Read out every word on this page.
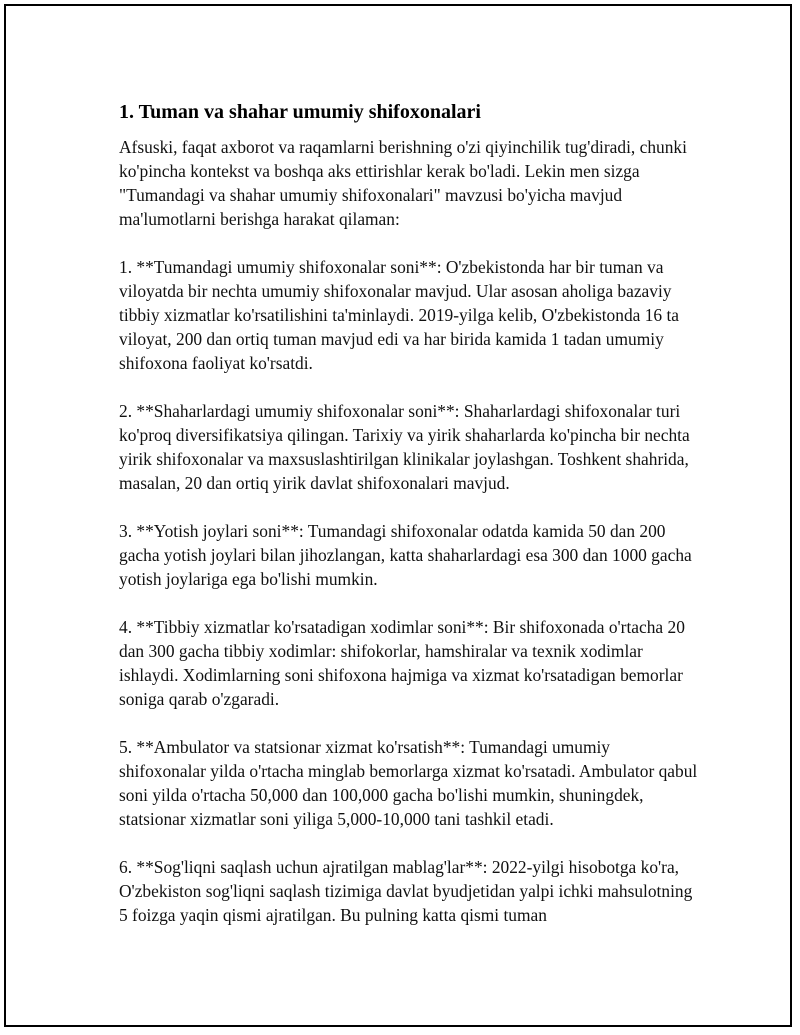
1. Tuman va shahar umumiy shifoxonalari

Afsuski, faqat axborot va raqamlarni berishning o'zi qiyinchilik tug'diradi, chunki ko'pincha kontekst va boshqa aks ettirishlar kerak bo'ladi. Lekin men sizga "Tumandagi va shahar umumiy shifoxonalari" mavzusi bo'yicha mavjud ma'lumotlarni berishga harakat qilaman:

1. **Tumandagi umumiy shifoxonalar soni**: O'zbekistonda har bir tuman va viloyatda bir nechta umumiy shifoxonalar mavjud. Ular asosan aholiga bazaviy tibbiy xizmatlar ko'rsatilishini ta'minlaydi. 2019-yilga kelib, O'zbekistonda 16 ta viloyat, 200 dan ortiq tuman mavjud edi va har birida kamida 1 tadan umumiy shifoxona faoliyat ko'rsatdi.

2. **Shaharlardagi umumiy shifoxonalar soni**: Shaharlardagi shifoxonalar turi ko'proq diversifikatsiya qilingan. Tarixiy va yirik shaharlarda ko'pincha bir nechta yirik shifoxonalar va maxsuslashtirilgan klinikalar joylashgan. Toshkent shahrida, masalan, 20 dan ortiq yirik davlat shifoxonalari mavjud.

3. **Yotish joylari soni**: Tumandagi shifoxonalar odatda kamida 50 dan 200 gacha yotish joylari bilan jihozlangan, katta shaharlardagi esa 300 dan 1000 gacha yotish joylariga ega bo'lishi mumkin.

4. **Tibbiy xizmatlar ko'rsatadigan xodimlar soni**: Bir shifoxonada o'rtacha 20 dan 300 gacha tibbiy xodimlar: shifokorlar, hamshiralar va texnik xodimlar ishlaydi. Xodimlarning soni shifoxona hajmiga va xizmat ko'rsatadigan bemorlar soniga qarab o'zgaradi.

5. **Ambulator va statsionar xizmat ko'rsatish**: Tumandagi umumiy shifoxonalar yilda o'rtacha minglab bemorlarga xizmat ko'rsatadi. Ambulator qabul soni yilda o'rtacha 50,000 dan 100,000 gacha bo'lishi mumkin, shuningdek, statsionar xizmatlar soni yiliga 5,000-10,000 tani tashkil etadi.

6. **Sog'liqni saqlash uchun ajratilgan mablag'lar**: 2022-yilgi hisobotga ko'ra, O'zbekiston sog'liqni saqlash tizimiga davlat byudjetidan yalpi ichki mahsulotning 5 foizga yaqin qismi ajratilgan. Bu pulning katta qismi tuman
